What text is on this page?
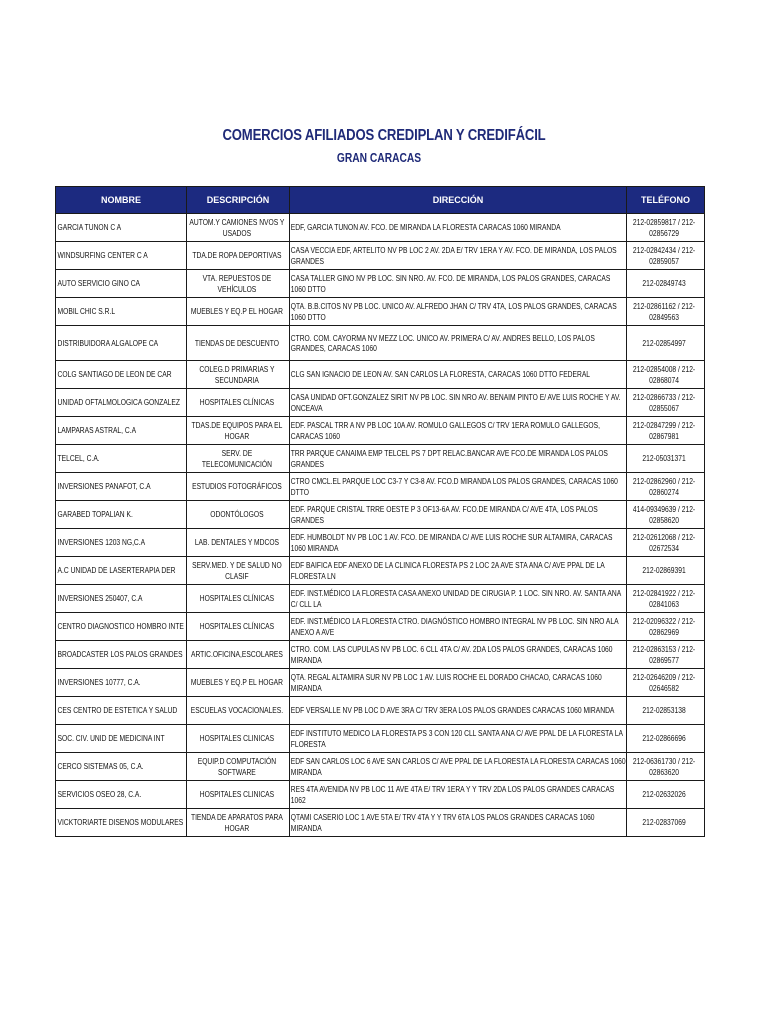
COMERCIOS AFILIADOS CREDIPLAN Y CREDIFÁCIL
GRAN CARACAS
NOMBRE	DESCRIPCIÓN	DIRECCIÓN	TELÉFONO

GARCIA TUNON C A	AUTOM.Y CAMIONES NVOS Y USADOS	EDF, GARCIA TUNON AV. FCO. DE MIRANDA LA FLORESTA CARACAS 1060 MIRANDA	212-02859817 / 212-02856729

WINDSURFING CENTER C A	TDA.DE ROPA DEPORTIVAS	CASA VECCIA EDF, ARTELITO NV PB LOC 2 AV. 2DA E/ TRV 1ERA Y AV. FCO. DE MIRANDA, LOS PALOS GRANDES	212-02842434 / 212-02859057

AUTO SERVICIO GINO CA	VTA. REPUESTOS DE VEHÍCULOS	CASA TALLER GINO NV PB LOC. SIN NRO. AV. FCO. DE MIRANDA, LOS PALOS GRANDES, CARACAS 1060 DTTO	212-02849743

MOBIL CHIC S.R.L	MUEBLES Y EQ.P EL HOGAR	QTA. B.B.CITOS NV PB LOC. UNICO AV. ALFREDO JHAN C/ TRV 4TA, LOS PALOS GRANDES, CARACAS 1060 DTTO	212-02861162 / 212-02849563

DISTRIBUIDORA ALGALOPE CA	TIENDAS DE DESCUENTO	CTRO. COM. CAYORMA NV MEZZ LOC. UNICO AV. PRIMERA C/ AV. ANDRES BELLO, LOS PALOS GRANDES, CARACAS 1060	212-02854997

COLG SANTIAGO DE LEON DE CAR	COLEG.D PRIMARIAS Y SECUNDARIA	CLG SAN IGNACIO DE LEON AV. SAN CARLOS LA FLORESTA, CARACAS 1060 DTTO FEDERAL	212-02854008 / 212-02868074

UNIDAD OFTALMOLOGICA GONZALEZ	HOSPITALES CLÍNICAS	CASA UNIDAD OFT.GONZALEZ SIRIT NV PB LOC. SIN NRO AV. BENAIM PINTO E/ AVE LUIS ROCHE Y AV. ONCEAVA	212-02866733 / 212-02855067

LAMPARAS ASTRAL, C.A	TDAS.DE EQUIPOS PARA EL HOGAR	EDF. PASCAL TRR A NV PB LOC 10A AV. ROMULO GALLEGOS C/ TRV 1ERA ROMULO GALLEGOS, CARACAS 1060	212-02847299 / 212-02867981

TELCEL, C.A.	SERV. DE TELECOMUNICACIÓN	TRR PARQUE CANAIMA EMP TELCEL PS 7 DPT RELAC.BANCAR AVE FCO.DE MIRANDA LOS PALOS GRANDES	212-05031371

INVERSIONES PANAFOT, C.A	ESTUDIOS FOTOGRÁFICOS	CTRO CMCL.EL PARQUE LOC C3-7 Y C3-8 AV. FCO.D MIRANDA LOS PALOS GRANDES, CARACAS 1060 DTTO	212-02862960 / 212-02860274

GARABED TOPALIAN K.	ODONTÓLOGOS	EDF. PARQUE CRISTAL TRRE OESTE P 3 OF13-6A AV. FCO.DE MIRANDA C/ AVE 4TA, LOS PALOS GRANDES	414-09349639 / 212-02858620

INVERSIONES 1203 NG,C.A	LAB. DENTALES Y MDCOS	EDF. HUMBOLDT NV PB LOC 1 AV. FCO. DE MIRANDA C/ AVE LUIS ROCHE SUR ALTAMIRA, CARACAS 1060 MIRANDA	212-02612068 / 212-02672534

A.C UNIDAD DE LASERTERAPIA DER	SERV.MED. Y DE SALUD NO CLASIF	EDF BAIFICA EDF ANEXO DE LA CLINICA FLORESTA PS 2 LOC 2A AVE STA ANA C/ AVE PPAL DE LA FLORESTA LN	212-02869391

INVERSIONES 250407, C.A	HOSPITALES CLÍNICAS	EDF. INST.MÉDICO LA FLORESTA CASA ANEXO UNIDAD DE CIRUGIA P. 1 LOC. SIN NRO. AV. SANTA ANA C/ CLL LA	212-02841922 / 212-02841063

CENTRO DIAGNOSTICO HOMBRO INTE	HOSPITALES CLÍNICAS	EDF. INST.MÉDICO LA FLORESTA CTRO. DIAGNÓSTICO HOMBRO INTEGRAL NV PB LOC. SIN NRO ALA ANEXO A AVE	212-02096322 / 212-02862969

BROADCASTER LOS PALOS GRANDES	ARTIC.OFICINA,ESCOLARES	CTRO. COM. LAS CUPULAS NV PB LOC. 6 CLL 4TA C/ AV. 2DA LOS PALOS GRANDES, CARACAS 1060 MIRANDA	212-02863153 / 212-02869577

INVERSIONES 10777, C.A.	MUEBLES Y EQ.P EL HOGAR	QTA. REGAL ALTAMIRA SUR NV PB LOC 1 AV. LUIS ROCHE EL DORADO CHACAO, CARACAS 1060 MIRANDA	212-02646209 / 212-02646582

CES CENTRO DE ESTETICA Y SALUD	ESCUELAS VOCACIONALES.	EDF VERSALLE NV PB LOC D AVE 3RA C/ TRV 3ERA LOS PALOS GRANDES CARACAS 1060 MIRANDA	212-02853138

SOC. CIV. UNID DE MEDICINA INT	HOSPITALES CLINICAS	EDF INSTITUTO MEDICO LA FLORESTA PS 3 CON 120 CLL SANTA ANA C/ AVE PPAL DE LA FLORESTA LA FLORESTA	212-02866696

CERCO SISTEMAS 05, C.A.	EQUIP.D COMPUTACIÓN SOFTWARE	EDF SAN CARLOS LOC 6 AVE SAN CARLOS C/ AVE PPAL DE LA FLORESTA LA FLORESTA CARACAS 1060 MIRANDA	212-06361730 / 212-02863620

SERVICIOS OSEO 28, C.A.	HOSPITALES CLINICAS	RES 4TA AVENIDA NV PB LOC 11 AVE 4TA E/ TRV 1ERA Y Y TRV 2DA LOS PALOS GRANDES CARACAS 1062	212-02632026

VICKTORIARTE DISENOS MODULARES	TIENDA DE APARATOS PARA HOGAR	QTAMI CASERIO LOC 1 AVE 5TA E/ TRV 4TA Y Y TRV 6TA LOS PALOS GRANDES CARACAS 1060 MIRANDA	212-02837069
